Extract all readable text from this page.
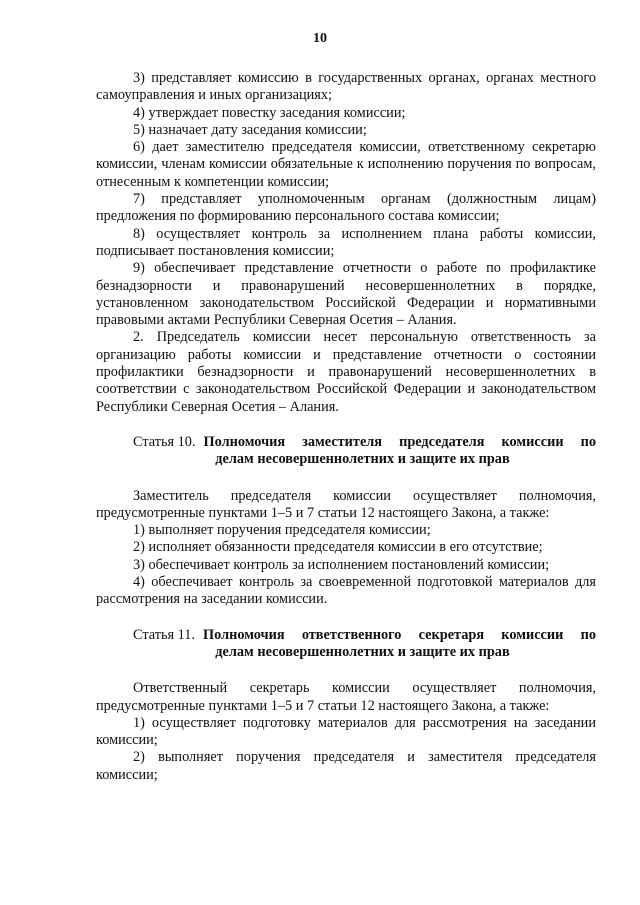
10

3) представляет комиссию в государственных органах, органах местного самоуправления и иных организациях;

4) утверждает повестку заседания комиссии;

5) назначает дату заседания комиссии;

6) дает заместителю председателя комиссии, ответственному секретарю комиссии, членам комиссии обязательные к исполнению поручения по вопросам, отнесенным к компетенции комиссии;

7) представляет уполномоченным органам (должностным лицам) предложения по формированию персонального состава комиссии;

8) осуществляет контроль за исполнением плана работы комиссии, подписывает постановления комиссии;

9) обеспечивает представление отчетности о работе по профилактике безнадзорности и правонарушений несовершеннолетних в порядке, установленном законодательством Российской Федерации и нормативными правовыми актами Республики Северная Осетия – Алания.

2. Председатель комиссии несет персональную ответственность за организацию работы комиссии и представление отчетности о состоянии профилактики безнадзорности и правонарушений несовершеннолетних в соответствии с законодательством Российской Федерации и законодательством Республики Северная Осетия – Алания.

Статья 10. Полномочия заместителя председателя комиссии по
делам несовершеннолетних и защите их прав

Заместитель председателя комиссии осуществляет полномочия, предусмотренные пунктами 1–5 и 7 статьи 12 настоящего Закона, а также:

1) выполняет поручения председателя комиссии;

2) исполняет обязанности председателя комиссии в его отсутствие;

3) обеспечивает контроль за исполнением постановлений комиссии;

4) обеспечивает контроль за своевременной подготовкой материалов для рассмотрения на заседании комиссии.

Статья 11. Полномочия ответственного секретаря комиссии по
делам несовершеннолетних и защите их прав

Ответственный секретарь комиссии осуществляет полномочия, предусмотренные пунктами 1–5 и 7 статьи 12 настоящего Закона, а также:

1) осуществляет подготовку материалов для рассмотрения на заседании комиссии;

2) выполняет поручения председателя и заместителя председателя комиссии;
